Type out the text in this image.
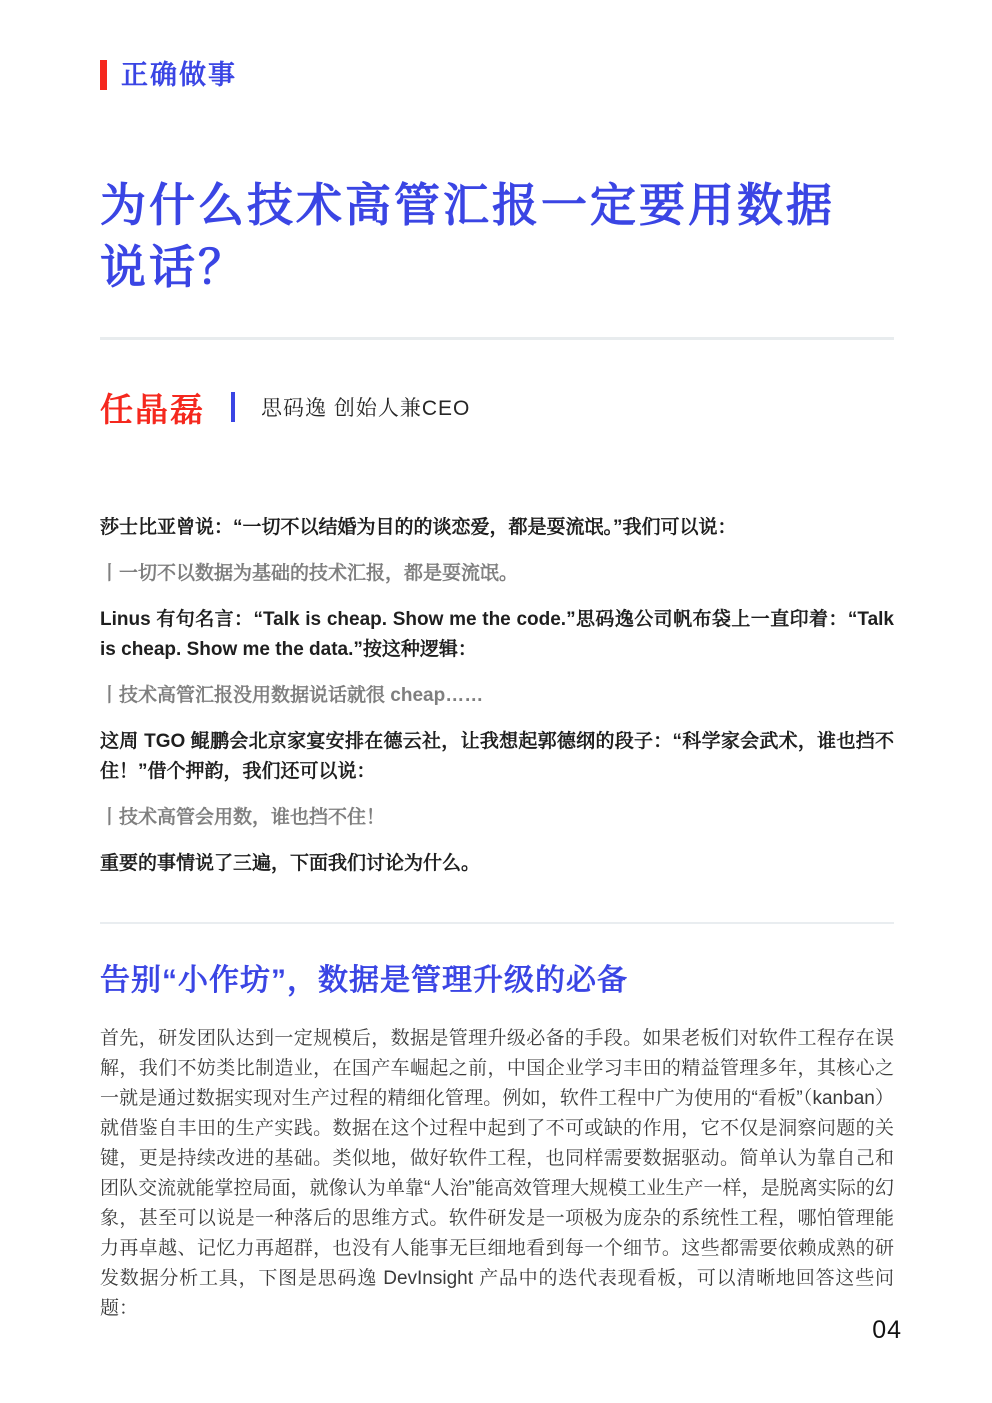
正确做事
为什么技术高管汇报一定要用数据说话？
任晶磊	思码逸 创始人兼CEO

莎士比亚曾说：“一切不以结婚为目的的谈恋爱，都是耍流氓。”我们可以说：

丨一切不以数据为基础的技术汇报，都是耍流氓。

Linus 有句名言：“Talk is cheap. Show me the code.”思码逸公司帆布袋上一直印着：“Talk is cheap. Show me the data.”按这种逻辑：

丨技术高管汇报没用数据说话就很 cheap……

这周 TGO 鲲鹏会北京家宴安排在德云社，让我想起郭德纲的段子：“科学家会武术，谁也挡不住！”借个押韵，我们还可以说：

丨技术高管会用数，谁也挡不住！

重要的事情说了三遍，下面我们讨论为什么。

告别“小作坊”，数据是管理升级的必备

首先，研发团队达到一定规模后，数据是管理升级必备的手段。如果老板们对软件工程存在误解，我们不妨类比制造业，在国产车崛起之前，中国企业学习丰田的精益管理多年，其核心之一就是通过数据实现对生产过程的精细化管理。例如，软件工程中广为使用的“看板”（kanban）就借鉴自丰田的生产实践。数据在这个过程中起到了不可或缺的作用，它不仅是洞察问题的关键，更是持续改进的基础。类似地，做好软件工程，也同样需要数据驱动。简单认为靠自己和团队交流就能掌控局面，就像认为单靠“人治”能高效管理大规模工业生产一样，是脱离实际的幻象，甚至可以说是一种落后的思维方式。软件研发是一项极为庞杂的系统性工程，哪怕管理能力再卓越、记忆力再超群，也没有人能事无巨细地看到每一个细节。这些都需要依赖成熟的研发数据分析工具，下图是思码逸 DevInsight 产品中的迭代表现看板，可以清晰地回答这些问题：

04
